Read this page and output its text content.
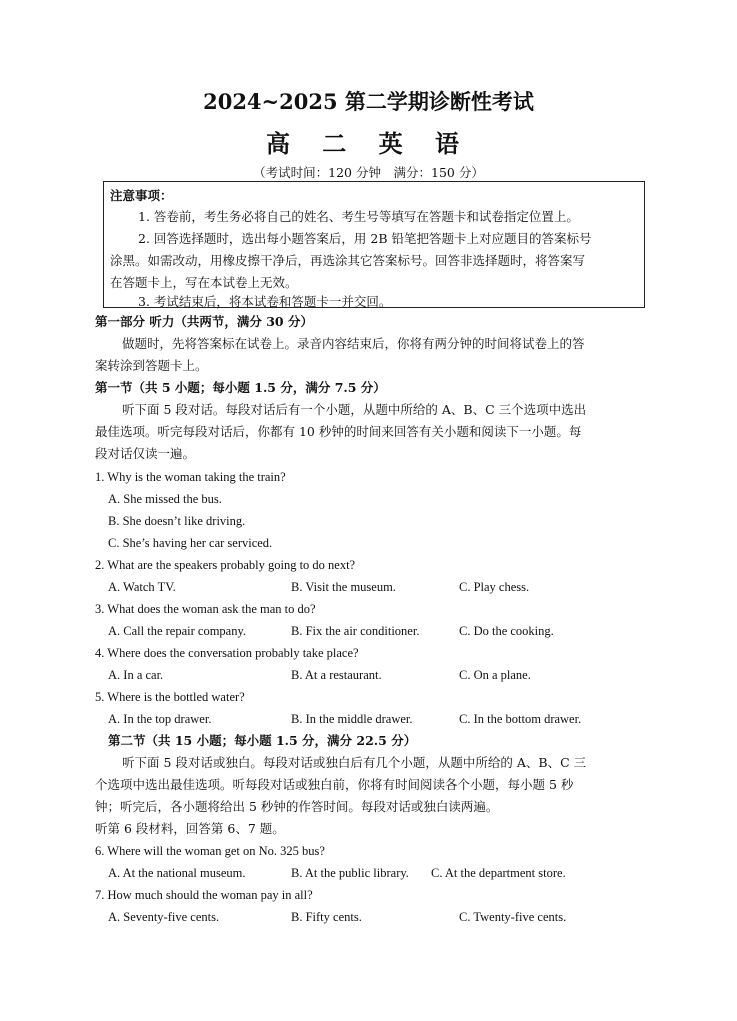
2024~2025 第二学期诊断性考试
高 二 英 语
（考试时间：120 分钟　满分：150 分）
注意事项：
1. 答卷前，考生务必将自己的姓名、考生号等填写在答题卡和试卷指定位置上。
2. 回答选择题时，选出每小题答案后，用 2B 铅笔把答题卡上对应题目的答案标号
涂黑。如需改动，用橡皮擦干净后，再选涂其它答案标号。回答非选择题时，将答案写
在答题卡上，写在本试卷上无效。
3. 考试结束后，将本试卷和答题卡一并交回。
第一部分 听力（共两节，满分 30 分）
做题时，先将答案标在试卷上。录音内容结束后，你将有两分钟的时间将试卷上的答
案转涂到答题卡上。
第一节（共 5 小题；每小题 1.5 分，满分 7.5 分）
听下面 5 段对话。每段对话后有一个小题，从题中所给的 A、B、C 三个选项中选出
最佳选项。听完每段对话后，你都有 10 秒钟的时间来回答有关小题和阅读下一小题。每
段对话仅读一遍。
1. Why is the woman taking the train?
A. She missed the bus.
B. She doesn’t like driving.
C. She’s having her car serviced.
2. What are the speakers probably going to do next?
A. Watch TV.	B. Visit the museum.	C. Play chess.
3. What does the woman ask the man to do?
A. Call the repair company.	B. Fix the air conditioner.	C. Do the cooking.
4. Where does the conversation probably take place?
A. In a car.	B. At a restaurant.	C. On a plane.
5. Where is the bottled water?
A. In the top drawer.	B. In the middle drawer.	C. In the bottom drawer.
第二节（共 15 小题；每小题 1.5 分，满分 22.5 分）
听下面 5 段对话或独白。每段对话或独白后有几个小题，从题中所给的 A、B、C 三
个选项中选出最佳选项。听每段对话或独白前，你将有时间阅读各个小题，每小题 5 秒
钟；听完后，各小题将给出 5 秒钟的作答时间。每段对话或独白读两遍。
听第 6 段材料，回答第 6、7 题。
6. Where will the woman get on No. 325 bus?
A. At the national museum.	B. At the public library. C. At the department store.
7. How much should the woman pay in all?
A. Seventy-five cents.	B. Fifty cents.	C. Twenty-five cents.
